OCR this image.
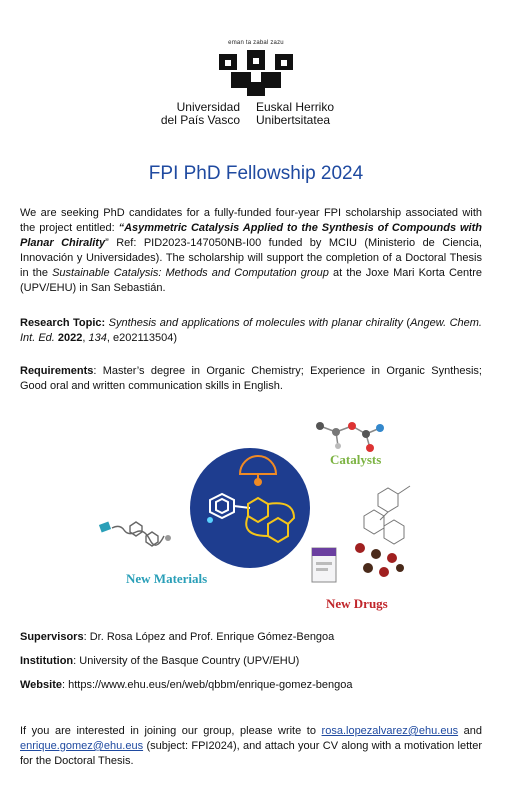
eman ta zabal zazu
Universidad
del País Vasco
Euskal Herriko
Unibertsitatea
FPI PhD Fellowship 2024
We are seeking PhD candidates for a fully-funded four-year FPI scholarship associated with the project entitled: “Asymmetric Catalysis Applied to the Synthesis of Compounds with Planar Chirality” Ref: PID2023-147050NB-I00 funded by MCIU (Ministerio de Ciencia, Innovación y Universidades). The scholarship will support the completion of a Doctoral Thesis in the Sustainable Catalysis: Methods and Computation group at the Joxe Mari Korta Centre (UPV/EHU) in San Sebastián.
Research Topic: Synthesis and applications of molecules with planar chirality (Angew. Chem. Int. Ed. 2022, 134, e202113504)
Requirements: Master’s degree in Organic Chemistry; Experience in Organic Synthesis; Good oral and written communication skills in English.
Catalysts
New Materials
New Drugs
Supervisors: Dr. Rosa López and Prof. Enrique Gómez-Bengoa
Institution: University of the Basque Country (UPV/EHU)
Website: https://www.ehu.eus/en/web/qbbm/enrique-gomez-bengoa
If you are interested in joining our group, please write to rosa.lopezalvarez@ehu.eus and enrique.gomez@ehu.eus (subject: FPI2024), and attach your CV along with a motivation letter for the Doctoral Thesis.
